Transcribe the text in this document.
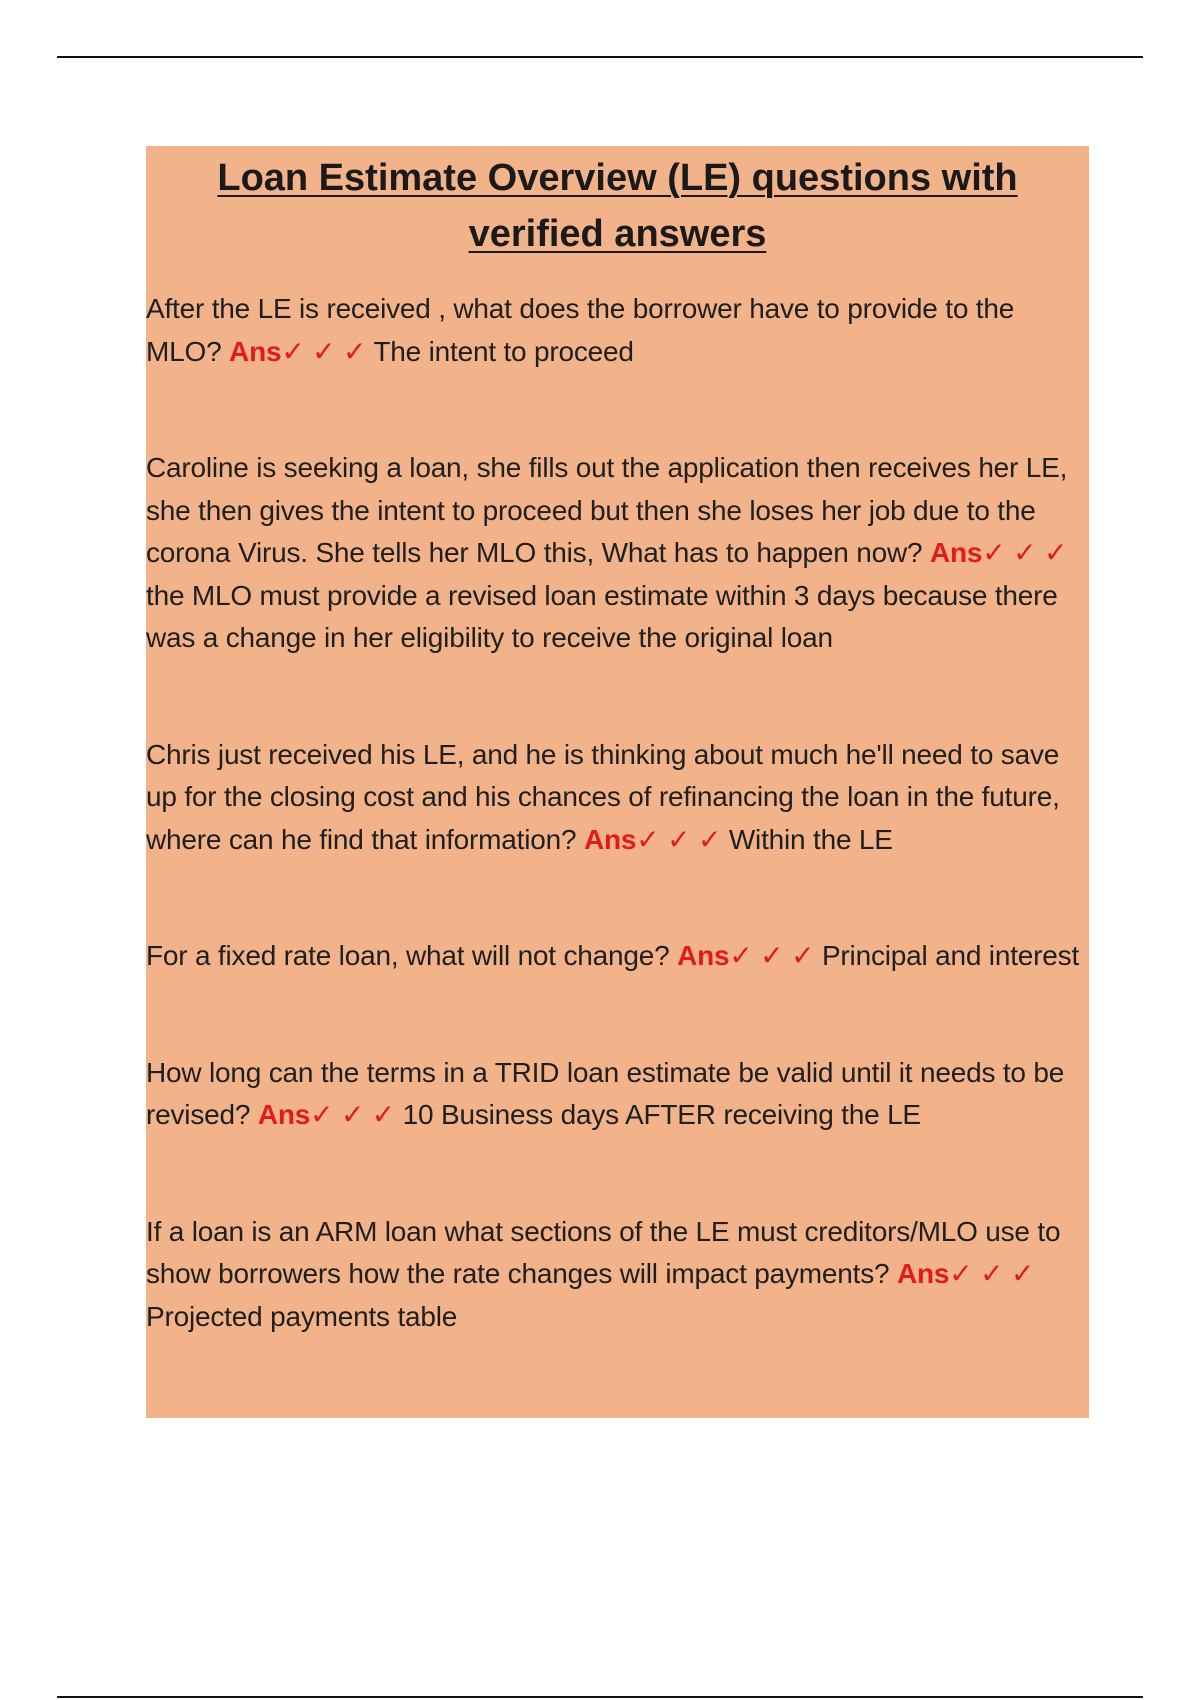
Loan Estimate Overview (LE) questions with
verified answers

After the LE is received , what does the borrower have to provide to the MLO? Ans✓ ✓ ✓ The intent to proceed

Caroline is seeking a loan, she fills out the application then receives her LE, she then gives the intent to proceed but then she loses her job due to the corona Virus. She tells her MLO this, What has to happen now? Ans✓ ✓ ✓ the MLO must provide a revised loan estimate within 3 days because there was a change in her eligibility to receive the original loan

Chris just received his LE, and he is thinking about much he'll need to save up for the closing cost and his chances of refinancing the loan in the future, where can he find that information? Ans✓ ✓ ✓ Within the LE

For a fixed rate loan, what will not change? Ans✓ ✓ ✓ Principal and interest

How long can the terms in a TRID loan estimate be valid until it needs to be revised? Ans✓ ✓ ✓ 10 Business days AFTER receiving the LE

If a loan is an ARM loan what sections of the LE must creditors/MLO use to show borrowers how the rate changes will impact payments? Ans✓ ✓ ✓ Projected payments table
